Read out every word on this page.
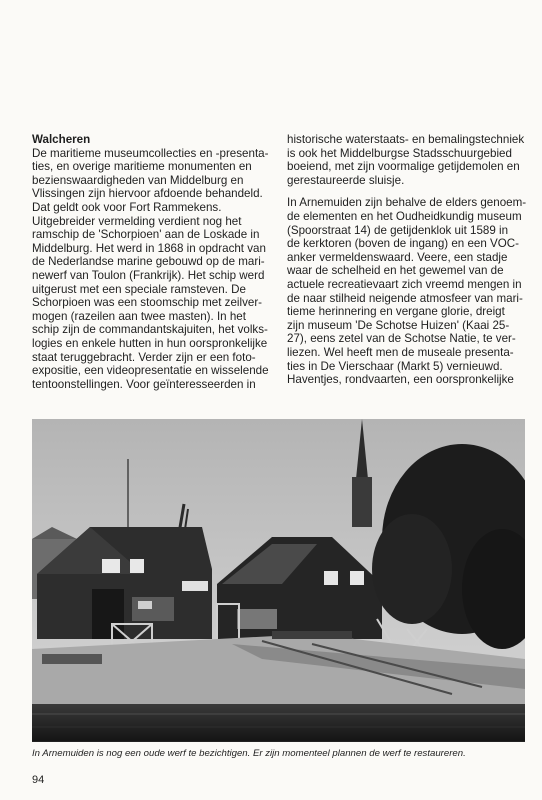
Walcheren
De maritieme museumcollecties en -presenta-
ties, en overige maritieme monumenten en
bezienswaardigheden van Middelburg en
Vlissingen zijn hiervoor afdoende behandeld.
Dat geldt ook voor Fort Rammekens.
Uitgebreider vermelding verdient nog het
ramschip de 'Schorpioen' aan de Loskade in
Middelburg. Het werd in 1868 in opdracht van
de Nederlandse marine gebouwd op de mari-
newerf van Toulon (Frankrijk). Het schip werd
uitgerust met een speciale ramsteven. De
Schorpioen was een stoomschip met zeilver-
mogen (razeilen aan twee masten). In het
schip zijn de commandantskajuiten, het volks-
logies en enkele hutten in hun oorspronkelijke
staat teruggebracht. Verder zijn er een foto-
expositie, een videopresentatie en wisselende
tentoonstellingen. Voor geïnteresseerden in
historische waterstaats- en bemalingstechniek
is ook het Middelburgse Stadsschuurgebied
boeiend, met zijn voormalige getijdemolen en
gerestaureerde sluisje.
In Arnemuiden zijn behalve de elders genoem-
de elementen en het Oudheidkundig museum
(Spoorstraat 14) de getijdenklok uit 1589 in
de kerktoren (boven de ingang) en een VOC-
anker vermeldenswaard. Veere, een stadje
waar de schelheid en het gewemel van de
actuele recreatievaart zich vreemd mengen in
de naar stilheid neigende atmosfeer van mari-
tieme herinnering en vergane glorie, dreigt
zijn museum 'De Schotse Huizen' (Kaai 25-
27), eens zetel van de Schotse Natie, te ver-
liezen. Wel heeft men de museale presenta-
ties in De Vierschaar (Markt 5) vernieuwd.
Haventjes, rondvaarten, een oorspronkelijke
In Arnemuiden is nog een oude werf te bezichtigen. Er zijn momenteel plannen de werf te restaureren.
94
